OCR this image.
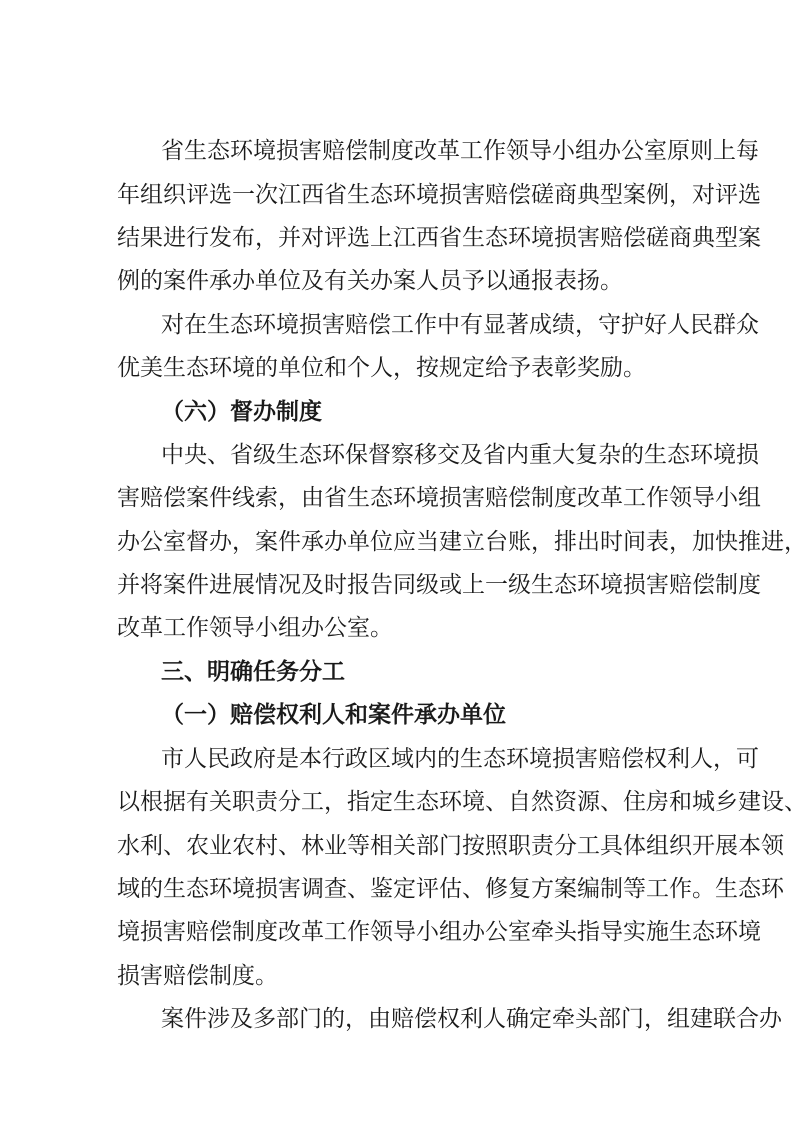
省生态环境损害赔偿制度改革工作领导小组办公室原则上每
年组织评选一次江西省生态环境损害赔偿磋商典型案例，对评选
结果进行发布，并对评选上江西省生态环境损害赔偿磋商典型案
例的案件承办单位及有关办案人员予以通报表扬。
对在生态环境损害赔偿工作中有显著成绩，守护好人民群众
优美生态环境的单位和个人，按规定给予表彰奖励。
（六）督办制度
中央、省级生态环保督察移交及省内重大复杂的生态环境损
害赔偿案件线索，由省生态环境损害赔偿制度改革工作领导小组
办公室督办，案件承办单位应当建立台账，排出时间表，加快推进，
并将案件进展情况及时报告同级或上一级生态环境损害赔偿制度
改革工作领导小组办公室。
三、明确任务分工
（一）赔偿权利人和案件承办单位
市人民政府是本行政区域内的生态环境损害赔偿权利人，可
以根据有关职责分工，指定生态环境、自然资源、住房和城乡建设、
水利、农业农村、林业等相关部门按照职责分工具体组织开展本领
域的生态环境损害调查、鉴定评估、修复方案编制等工作。生态环
境损害赔偿制度改革工作领导小组办公室牵头指导实施生态环境
损害赔偿制度。
案件涉及多部门的，由赔偿权利人确定牵头部门，组建联合办
